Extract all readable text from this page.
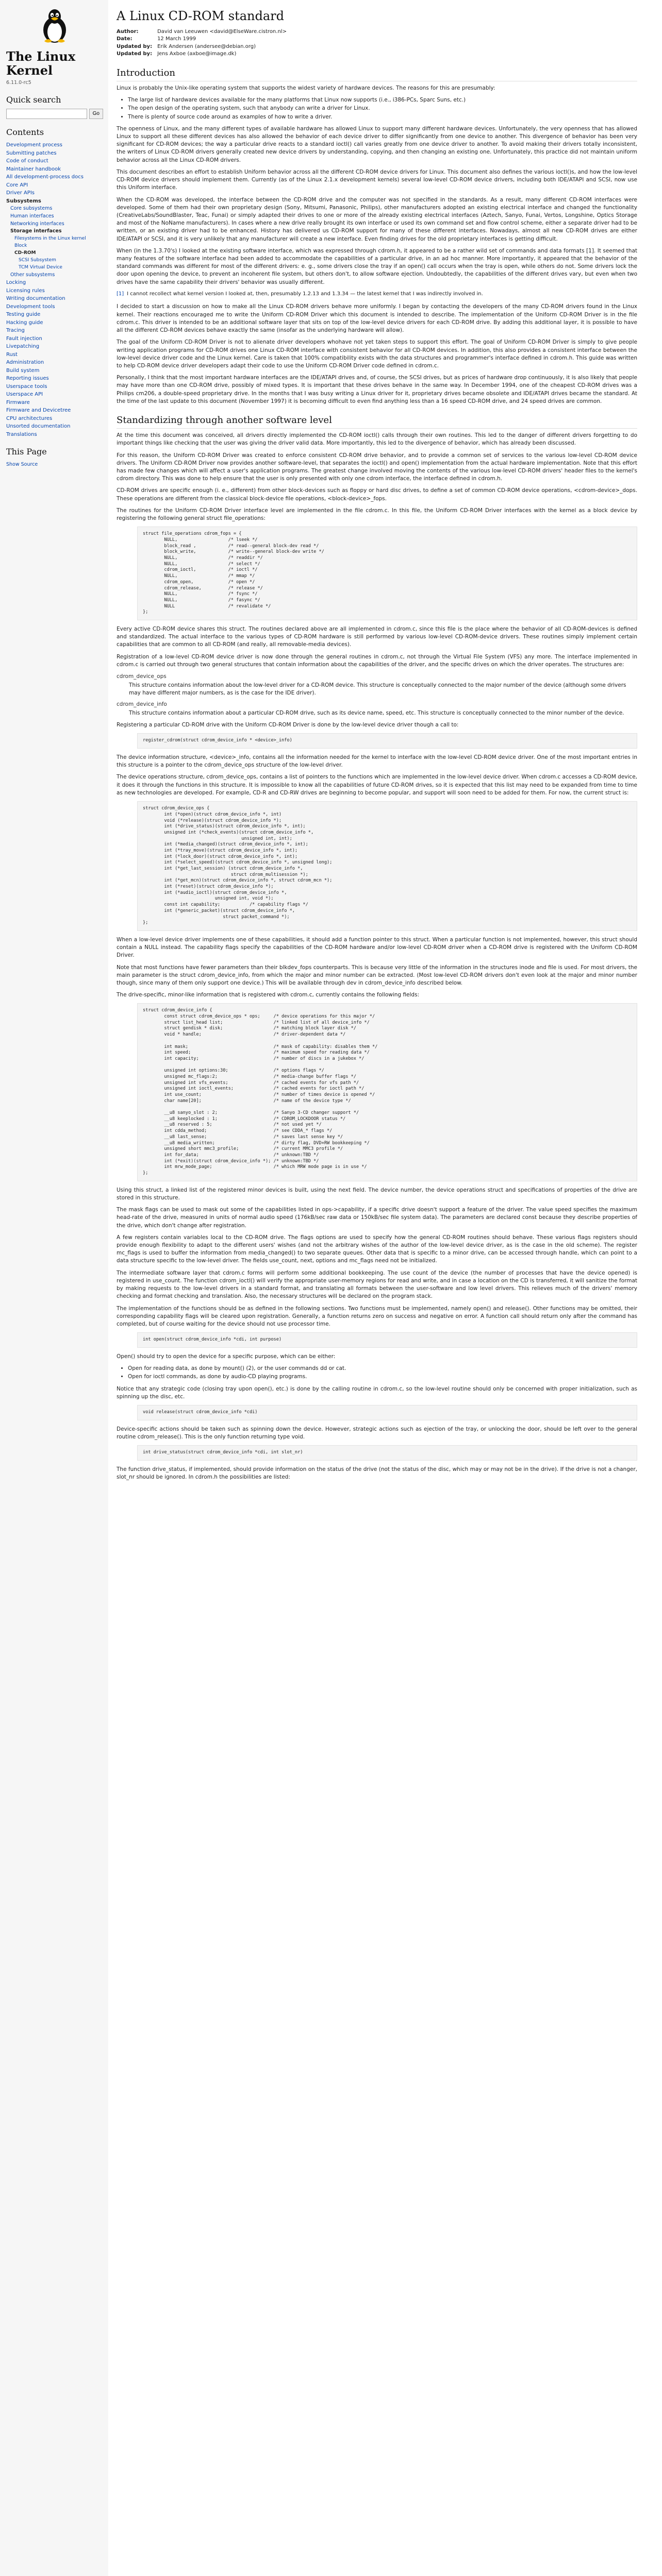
The Linux Kernel
6.11.0-rc5
Quick search
Go
Contents
Development process
Submitting patches
Code of conduct
Maintainer handbook
All development-process docs
Core API
Driver APIs
Subsystems
Core subsystems
Human interfaces
Networking interfaces
Storage interfaces
Filesystems in the Linux kernel
Block
CD-ROM
SCSI Subsystem
TCM Virtual Device
Other subsystems
Locking
Licensing rules
Writing documentation
Development tools
Testing guide
Hacking guide
Tracing
Fault injection
Livepatching
Rust
Administration
Build system
Reporting issues
Userspace tools
Userspace API
Firmware
Firmware and Devicetree
CPU architectures
Unsorted documentation
Translations
This Page
Show Source
A Linux CD-ROM standard
Author:	David van Leeuwen <david@ElseWare.cistron.nl>
Date:	12 March 1999
Updated by:	Erik Andersen (andersee@debian.org)
Updated by:	Jens Axboe (axboe@image.dk)
Introduction

Linux is probably the Unix-like operating system that supports the widest variety of hardware devices. The reasons for this are presumably:

• The large list of hardware devices available for the many platforms that Linux now supports (i.e., i386-PCs, Sparc Suns, etc.)
• The open design of the operating system, such that anybody can write a driver for Linux.
• There is plenty of source code around as examples of how to write a driver.

The openness of Linux, and the many different types of available hardware has allowed Linux to support many different hardware devices. Unfortunately, the very openness that has allowed Linux to support all these different devices has also allowed the behavior of each device driver to differ significantly from one device to another. This divergence of behavior has been very significant for CD-ROM devices; the way a particular drive reacts to a standard ioctl() call varies greatly from one device driver to another. To avoid making their drivers totally inconsistent, the writers of Linux CD-ROM drivers generally created new device drivers by understanding, copying, and then changing an existing one. Unfortunately, this practice did not maintain uniform behavior across all the Linux CD-ROM drivers.

This document describes an effort to establish Uniform behavior across all the different CD-ROM device drivers for Linux. This document also defines the various ioctl()s, and how the low-level CD-ROM device drivers should implement them. Currently (as of the Linux 2.1.x development kernels) several low-level CD-ROM device drivers, including both IDE/ATAPI and SCSI, now use this Uniform interface.

When the CD-ROM was developed, the interface between the CD-ROM drive and the computer was not specified in the standards. As a result, many different CD-ROM interfaces were developed. Some of them had their own proprietary design (Sony, Mitsumi, Panasonic, Philips), other manufacturers adopted an existing electrical interface and changed the functionality (CreativeLabs/SoundBlaster, Teac, Funai) or simply adapted their drives to one or more of the already existing electrical interfaces (Aztech, Sanyo, Funai, Vertos, Longshine, Optics Storage and most of the NoName manufacturers). In cases where a new drive really brought its own interface or used its own command set and flow control scheme, either a separate driver had to be written, or an existing driver had to be enhanced. History has delivered us CD-ROM support for many of these different interfaces. Nowadays, almost all new CD-ROM drives are either IDE/ATAPI or SCSI, and it is very unlikely that any manufacturer will create a new interface. Even finding drives for the old proprietary interfaces is getting difficult.

When (in the 1.3.70's) I looked at the existing software interface, which was expressed through cdrom.h, it appeared to be a rather wild set of commands and data formats [1]. It seemed that many features of the software interface had been added to accommodate the capabilities of a particular drive, in an ad hoc manner. More importantly, it appeared that the behavior of the standard commands was different for most of the different drivers: e. g., some drivers close the tray if an open() call occurs when the tray is open, while others do not. Some drivers lock the door upon opening the device, to prevent an incoherent file system, but others don't, to allow software ejection. Undoubtedly, the capabilities of the different drives vary, but even when two drives have the same capability their drivers' behavior was usually different.

[1] I cannot recollect what kernel version I looked at, then, presumably 1.2.13 and 1.3.34 — the latest kernel that I was indirectly involved in.

I decided to start a discussion on how to make all the Linux CD-ROM drivers behave more uniformly. I began by contacting the developers of the many CD-ROM drivers found in the Linux kernel. Their reactions encouraged me to write the Uniform CD-ROM Driver which this document is intended to describe. The implementation of the Uniform CD-ROM Driver is in the file cdrom.c. This driver is intended to be an additional software layer that sits on top of the low-level device drivers for each CD-ROM drive. By adding this additional layer, it is possible to have all the different CD-ROM devices behave exactly the same (insofar as the underlying hardware will allow).

The goal of the Uniform CD-ROM Driver is not to alienate driver developers whohave not yet taken steps to support this effort. The goal of Uniform CD-ROM Driver is simply to give people writing application programs for CD-ROM drives one Linux CD-ROM interface with consistent behavior for all CD-ROM devices. In addition, this also provides a consistent interface between the low-level device driver code and the Linux kernel. Care is taken that 100% compatibility exists with the data structures and programmer's interface defined in cdrom.h. This guide was written to help CD-ROM device driver developers adapt their code to use the Uniform CD-ROM Driver code defined in cdrom.c.

Personally, I think that the most important hardware interfaces are the IDE/ATAPI drives and, of course, the SCSI drives, but as prices of hardware drop continuously, it is also likely that people may have more than one CD-ROM drive, possibly of mixed types. It is important that these drives behave in the same way. In December 1994, one of the cheapest CD-ROM drives was a Philips cm206, a double-speed proprietary drive. In the months that I was busy writing a Linux driver for it, proprietary drives became obsolete and IDE/ATAPI drives became the standard. At the time of the last update to this document (November 1997) it is becoming difficult to even find anything less than a 16 speed CD-ROM drive, and 24 speed drives are common.

Standardizing through another software level

At the time this document was conceived, all drivers directly implemented the CD-ROM ioctl() calls through their own routines. This led to the danger of different drivers forgetting to do important things like checking that the user was giving the driver valid data. More importantly, this led to the divergence of behavior, which has already been discussed.

For this reason, the Uniform CD-ROM Driver was created to enforce consistent CD-ROM drive behavior, and to provide a common set of services to the various low-level CD-ROM device drivers. The Uniform CD-ROM Driver now provides another software-level, that separates the ioctl() and open() implementation from the actual hardware implementation. Note that this effort has made few changes which will affect a user's application programs. The greatest change involved moving the contents of the various low-level CD-ROM drivers' header files to the kernel's cdrom directory. This was done to help ensure that the user is only presented with only one cdrom interface, the interface defined in cdrom.h.

CD-ROM drives are specific enough (i. e., different) from other block-devices such as floppy or hard disc drives, to define a set of common CD-ROM device operations, <cdrom-device>_dops. These operations are different from the classical block-device file operations, <block-device>_fops.

The routines for the Uniform CD-ROM Driver interface level are implemented in the file cdrom.c. In this file, the Uniform CD-ROM Driver interfaces with the kernel as a block device by registering the following general struct file_operations:

struct file_operations cdrom_fops = {
NULL,                   /* lseek */
block_read ,            /* read--general block-dev read */
block_write,            /* write--general block-dev write */
NULL,                   /* readdir */
NULL,                   /* select */
cdrom_ioctl,            /* ioctl */
NULL,                   /* mmap */
cdrom_open,             /* open */
cdrom_release,          /* release */
NULL,                   /* fsync */
NULL,                   /* fasync */
NULL                    /* revalidate */
};

Every active CD-ROM device shares this struct. The routines declared above are all implemented in cdrom.c, since this file is the place where the behavior of all CD-ROM-devices is defined and standardized. The actual interface to the various types of CD-ROM hardware is still performed by various low-level CD-ROM-device drivers. These routines simply implement certain capabilities that are common to all CD-ROM (and really, all removable-media devices).

Registration of a low-level CD-ROM device driver is now done through the general routines in cdrom.c, not through the Virtual File System (VFS) any more. The interface implemented in cdrom.c is carried out through two general structures that contain information about the capabilities of the driver, and the specific drives on which the driver operates. The structures are:

cdrom_device_ops
This structure contains information about the low-level driver for a CD-ROM device. This structure is conceptually connected to the major number of the device (although some drivers may have different major numbers, as is the case for the IDE driver).
cdrom_device_info
This structure contains information about a particular CD-ROM drive, such as its device name, speed, etc. This structure is conceptually connected to the minor number of the device.

Registering a particular CD-ROM drive with the Uniform CD-ROM Driver is done by the low-level device driver though a call to:

register_cdrom(struct cdrom_device_info * <device>_info)

The device information structure, <device>_info, contains all the information needed for the kernel to interface with the low-level CD-ROM device driver. One of the most important entries in this structure is a pointer to the cdrom_device_ops structure of the low-level driver.

The device operations structure, cdrom_device_ops, contains a list of pointers to the functions which are implemented in the low-level device driver. When cdrom.c accesses a CD-ROM device, it does it through the functions in this structure. It is impossible to know all the capabilities of future CD-ROM drives, so it is expected that this list may need to be expanded from time to time as new technologies are developed. For example, CD-R and CD-RW drives are beginning to become popular, and support will soon need to be added for them. For now, the current struct is:

struct cdrom_device_ops {
int (*open)(struct cdrom_device_info *, int)
void (*release)(struct cdrom_device_info *);
int (*drive_status)(struct cdrom_device_info *, int);
unsigned int (*check_events)(struct cdrom_device_info *,
unsigned int, int);
int (*media_changed)(struct cdrom_device_info *, int);
int (*tray_move)(struct cdrom_device_info *, int);
int (*lock_door)(struct cdrom_device_info *, int);
int (*select_speed)(struct cdrom_device_info *, unsigned long);
int (*get_last_session) (struct cdrom_device_info *,
struct cdrom_multisession *);
int (*get_mcn)(struct cdrom_device_info *, struct cdrom_mcn *);
int (*reset)(struct cdrom_device_info *);
int (*audio_ioctl)(struct cdrom_device_info *,
unsigned int, void *);
const int capability;           /* capability flags */
int (*generic_packet)(struct cdrom_device_info *,
struct packet_command *);
};

When a low-level device driver implements one of these capabilities, it should add a function pointer to this struct. When a particular function is not implemented, however, this struct should contain a NULL instead. The capability flags specify the capabilities of the CD-ROM hardware and/or low-level CD-ROM driver when a CD-ROM drive is registered with the Uniform CD-ROM Driver.

Note that most functions have fewer parameters than their blkdev_fops counterparts. This is because very little of the information in the structures inode and file is used. For most drivers, the main parameter is the struct cdrom_device_info, from which the major and minor number can be extracted. (Most low-level CD-ROM drivers don't even look at the major and minor number though, since many of them only support one device.) This will be available through dev in cdrom_device_info described below.

The drive-specific, minor-like information that is registered with cdrom.c, currently contains the following fields:

struct cdrom_device_info {
const struct cdrom_device_ops * ops;     /* device operations for this major */
struct list_head list;                   /* linked list of all device_info */
struct gendisk * disk;                   /* matching block layer disk */
void * handle;                           /* driver-dependent data */

int mask;                                /* mask of capability: disables them */
int speed;                               /* maximum speed for reading data */
int capacity;                            /* number of discs in a jukebox */

unsigned int options:30;                 /* options flags */
unsigned mc_flags:2;                     /* media-change buffer flags */
unsigned int vfs_events;                 /* cached events for vfs path */
unsigned int ioctl_events;               /* cached events for ioctl path */
int use_count;                           /* number of times device is opened */
char name[20];                           /* name of the device type */

__u8 sanyo_slot : 2;                     /* Sanyo 3-CD changer support */
__u8 keeplocked : 1;                     /* CDROM_LOCKDOOR status */
__u8 reserved : 5;                       /* not used yet */
int cdda_method;                         /* see CDDA_* flags */
__u8 last_sense;                         /* saves last sense key */
__u8 media_written;                      /* dirty flag, DVD+RW bookkeeping */
unsigned short mmc3_profile;             /* current MMC3 profile */
int for_data;                            /* unknown:TBD */
int (*exit)(struct cdrom_device_info *); /* unknown:TBD */
int mrw_mode_page;                       /* which MRW mode page is in use */
};

Using this struct, a linked list of the registered minor devices is built, using the next field. The device number, the device operations struct and specifications of properties of the drive are stored in this structure.

The mask flags can be used to mask out some of the capabilities listed in ops->capability, if a specific drive doesn't support a feature of the driver. The value speed specifies the maximum head-rate of the drive, measured in units of normal audio speed (176kB/sec raw data or 150kB/sec file system data). The parameters are declared const because they describe properties of the drive, which don't change after registration.

A few registers contain variables local to the CD-ROM drive. The flags options are used to specify how the general CD-ROM routines should behave. These various flags registers should provide enough flexibility to adapt to the different users' wishes (and not the arbitrary wishes of the author of the low-level device driver, as is the case in the old scheme). The register mc_flags is used to buffer the information from media_changed() to two separate queues. Other data that is specific to a minor drive, can be accessed through handle, which can point to a data structure specific to the low-level driver. The fields use_count, next, options and mc_flags need not be initialized.

The intermediate software layer that cdrom.c forms will perform some additional bookkeeping. The use count of the device (the number of processes that have the device opened) is registered in use_count. The function cdrom_ioctl() will verify the appropriate user-memory regions for read and write, and in case a location on the CD is transferred, it will sanitize the format by making requests to the low-level drivers in a standard format, and translating all formats between the user-software and low level drivers. This relieves much of the drivers' memory checking and format checking and translation. Also, the necessary structures will be declared on the program stack.

The implementation of the functions should be as defined in the following sections. Two functions must be implemented, namely open() and release(). Other functions may be omitted, their corresponding capability flags will be cleared upon registration. Generally, a function returns zero on success and negative on error. A function call should return only after the command has completed, but of course waiting for the device should not use processor time.

int open(struct cdrom_device_info *cdi, int purpose)

Open() should try to open the device for a specific purpose, which can be either:

• Open for reading data, as done by mount() (2), or the user commands dd or cat.
• Open for ioctl commands, as done by audio-CD playing programs.

Notice that any strategic code (closing tray upon open(), etc.) is done by the calling routine in cdrom.c, so the low-level routine should only be concerned with proper initialization, such as spinning up the disc, etc.

void release(struct cdrom_device_info *cdi)

Device-specific actions should be taken such as spinning down the device. However, strategic actions such as ejection of the tray, or unlocking the door, should be left over to the general routine cdrom_release(). This is the only function returning type void.

int drive_status(struct cdrom_device_info *cdi, int slot_nr)

The function drive_status, if implemented, should provide information on the status of the drive (not the status of the disc, which may or may not be in the drive). If the drive is not a changer, slot_nr should be ignored. In cdrom.h the possibilities are listed:
